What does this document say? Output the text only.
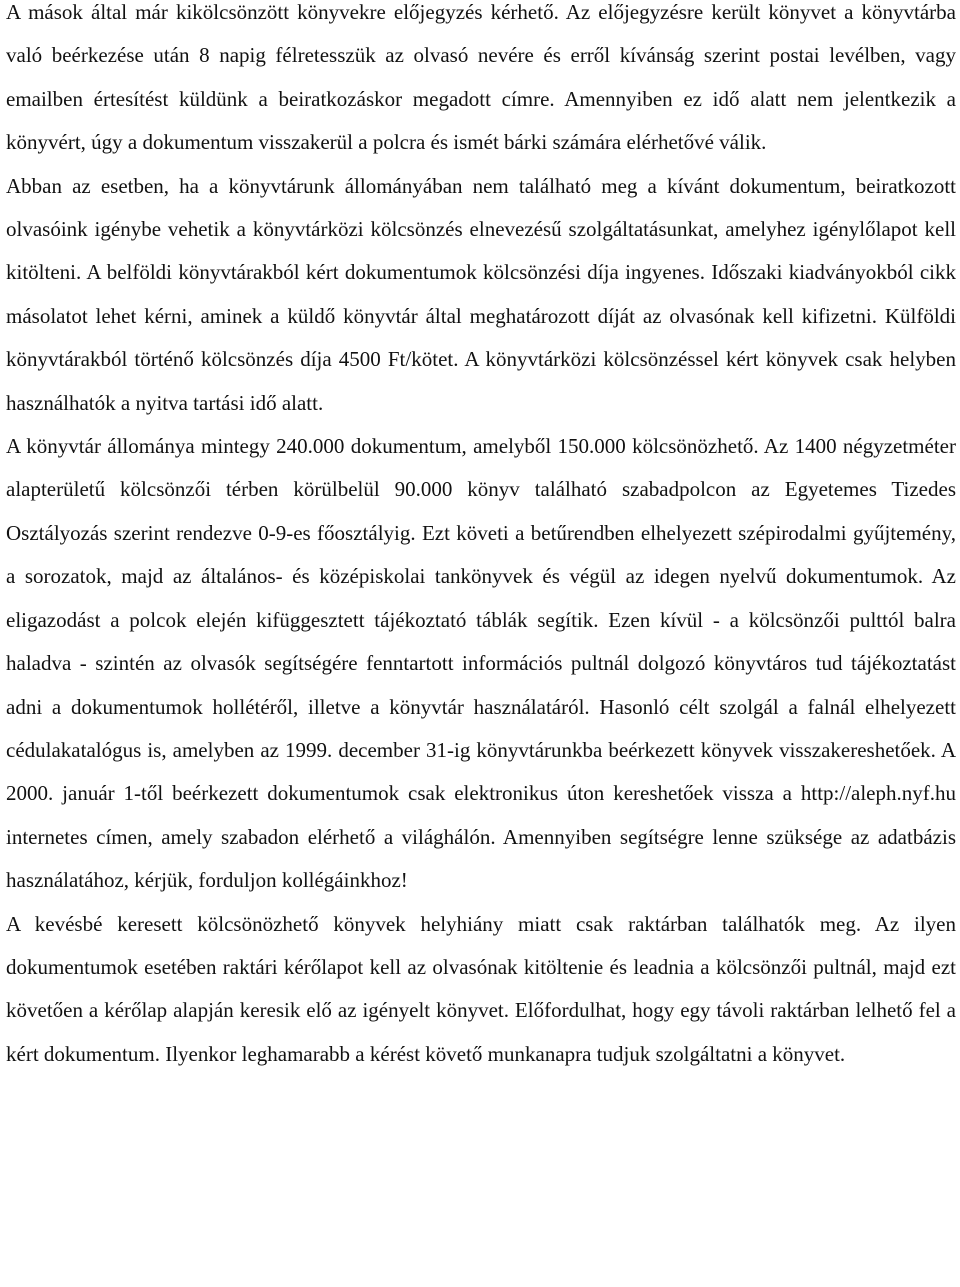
A mások által már kikölcsönzött könyvekre előjegyzés kérhető. Az előjegyzésre került könyvet a könyvtárba való beérkezése után 8 napig félretesszük az olvasó nevére és erről kívánság szerint postai levélben, vagy emailben értesítést küldünk a beiratkozáskor megadott címre. Amennyiben ez idő alatt nem jelentkezik a könyvért, úgy a dokumentum visszakerül a polcra és ismét bárki számára elérhetővé válik.

Abban az esetben, ha a könyvtárunk állományában nem található meg a kívánt dokumentum, beiratkozott olvasóink igénybe vehetik a könyvtárközi kölcsönzés elnevezésű szolgáltatásunkat, amelyhez igénylőlapot kell kitölteni. A belföldi könyvtárakból kért dokumentumok kölcsönzési díja ingyenes. Időszaki kiadványokból cikk másolatot lehet kérni, aminek a küldő könyvtár által meghatározott díját az olvasónak kell kifizetni. Külföldi könyvtárakból történő kölcsönzés díja 4500 Ft/kötet. A könyvtárközi kölcsönzéssel kért könyvek csak helyben használhatók a nyitva tartási idő alatt.

A könyvtár állománya mintegy 240.000 dokumentum, amelyből 150.000 kölcsönözhető. Az 1400 négyzetméter alapterületű kölcsönzői térben körülbelül 90.000 könyv található szabadpolcon az Egyetemes Tizedes Osztályozás szerint rendezve 0-9-es főosztályig. Ezt követi a betűrendben elhelyezett szépirodalmi gyűjtemény, a sorozatok, majd az általános- és középiskolai tankönyvek és végül az idegen nyelvű dokumentumok. Az eligazodást a polcok elején kifüggesztett tájékoztató táblák segítik. Ezen kívül - a kölcsönzői pulttól balra haladva - szintén az olvasók segítségére fenntartott információs pultnál dolgozó könyvtáros tud tájékoztatást adni a dokumentumok hollétéről, illetve a könyvtár használatáról. Hasonló célt szolgál a falnál elhelyezett cédulakatalógus is, amelyben az 1999. december 31-ig könyvtárunkba beérkezett könyvek visszakereshetőek. A 2000. január 1-től beérkezett dokumentumok csak elektronikus úton kereshetőek vissza a http://aleph.nyf.hu internetes címen, amely szabadon elérhető a világhálón. Amennyiben segítségre lenne szüksége az adatbázis használatához, kérjük, forduljon kollégáinkhoz!

A kevésbé keresett kölcsönözhető könyvek helyhiány miatt csak raktárban találhatók meg. Az ilyen dokumentumok esetében raktári kérőlapot kell az olvasónak kitöltenie és leadnia a kölcsönzői pultnál, majd ezt követően a kérőlap alapján keresik elő az igényelt könyvet. Előfordulhat, hogy egy távoli raktárban lelhető fel a kért dokumentum. Ilyenkor leghamarabb a kérést követő munkanapra tudjuk szolgáltatni a könyvet.
